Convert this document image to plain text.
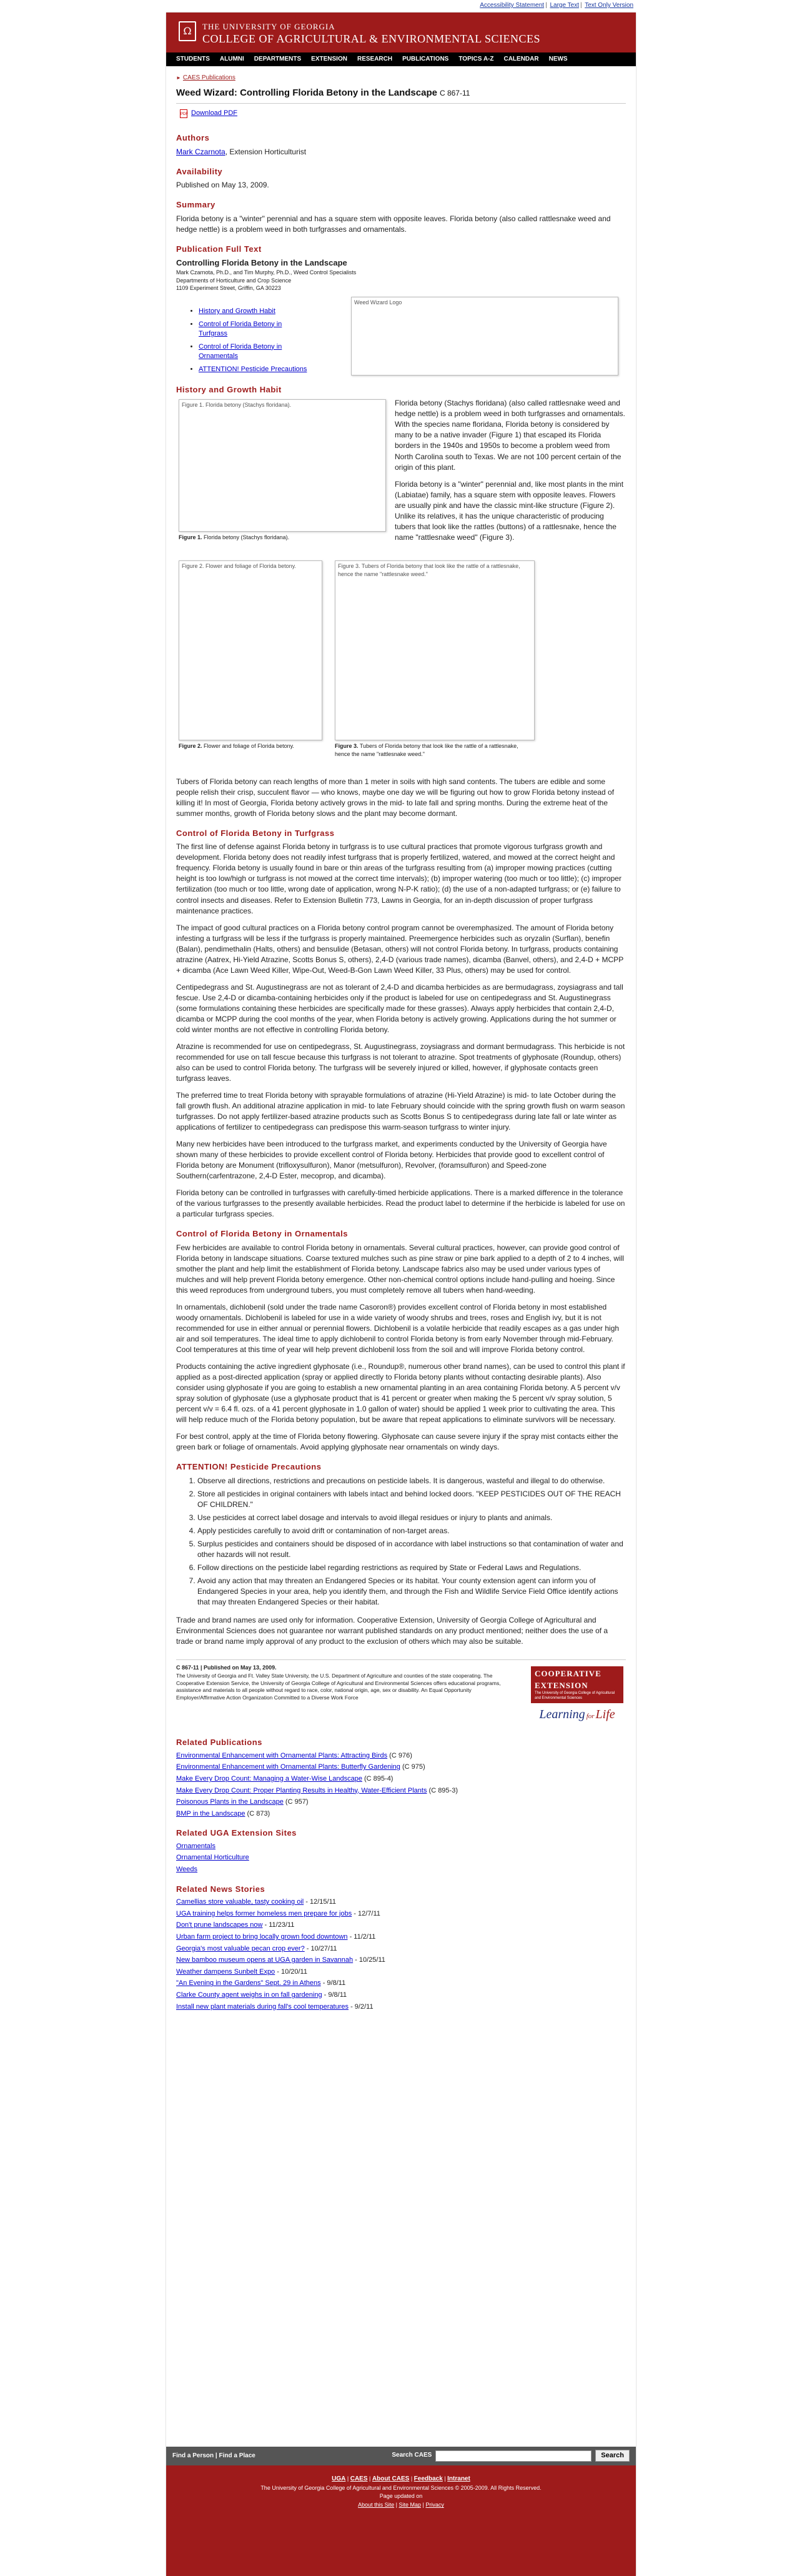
Accessibility Statement | Large Text | Text Only Version
Ω	THE UNIVERSITY OF GEORGIA
COLLEGE OF AGRICULTURAL & ENVIRONMENTAL SCIENCES
STUDENTS	ALUMNI	DEPARTMENTS	EXTENSION	RESEARCH	PUBLICATIONS	TOPICS A-Z	CALENDAR	NEWS
► CAES Publications
Weed Wizard: Controlling Florida Betony in the Landscape C 867-11
PDF Download PDF
Authors

Mark Czarnota, Extension Horticulturist

Availability

Published on May 13, 2009.

Summary

Florida betony is a "winter" perennial and has a square stem with opposite leaves. Florida betony (also called rattlesnake weed and hedge nettle) is a problem weed in both turfgrasses and ornamentals.

Publication Full Text
Controlling Florida Betony in the Landscape
Mark Czarnota, Ph.D., and Tim Murphy, Ph.D., Weed Control Specialists
Departments of Horticulture and Crop Science
1109 Experiment Street, Griffin, GA 30223
• History and Growth Habit
• Control of Florida Betony in Turfgrass
• Control of Florida Betony in Ornamentals
• ATTENTION! Pesticide Precautions
Weed Wizard Logo
History and Growth Habit
Figure 1. Florida betony (Stachys floridana).
Figure 1. Florida betony (Stachys floridana).

Florida betony (Stachys floridana) (also called rattlesnake weed and hedge nettle) is a problem weed in both turfgrasses and ornamentals. With the species name floridana, Florida betony is considered by many to be a native invader (Figure 1) that escaped its Florida borders in the 1940s and 1950s to become a problem weed from North Carolina south to Texas. We are not 100 percent certain of the origin of this plant.

Florida betony is a "winter" perennial and, like most plants in the mint (Labiatae) family, has a square stem with opposite leaves. Flowers are usually pink and have the classic mint-like structure (Figure 2). Unlike its relatives, it has the unique characteristic of producing tubers that look like the rattles (buttons) of a rattlesnake, hence the name "rattlesnake weed" (Figure 3).

Figure 2. Flower and foliage of Florida betony.
Figure 2. Flower and foliage of Florida betony.
Figure 3. Tubers of Florida betony that look like the rattle of a rattlesnake, hence the name "rattlesnake weed."
Figure 3. Tubers of Florida betony that look like the rattle of a rattlesnake, hence the name "rattlesnake weed."

Tubers of Florida betony can reach lengths of more than 1 meter in soils with high sand contents. The tubers are edible and some people relish their crisp, succulent flavor — who knows, maybe one day we will be figuring out how to grow Florida betony instead of killing it! In most of Georgia, Florida betony actively grows in the mid- to late fall and spring months. During the extreme heat of the summer months, growth of Florida betony slows and the plant may become dormant.

Control of Florida Betony in Turfgrass

The first line of defense against Florida betony in turfgrass is to use cultural practices that promote vigorous turfgrass growth and development. Florida betony does not readily infest turfgrass that is properly fertilized, watered, and mowed at the correct height and frequency. Florida betony is usually found in bare or thin areas of the turfgrass resulting from (a) improper mowing practices (cutting height is too low/high or turfgrass is not mowed at the correct time intervals); (b) improper watering (too much or too little); (c) improper fertilization (too much or too little, wrong date of application, wrong N-P-K ratio); (d) the use of a non-adapted turfgrass; or (e) failure to control insects and diseases. Refer to Extension Bulletin 773, Lawns in Georgia, for an in-depth discussion of proper turfgrass maintenance practices.

The impact of good cultural practices on a Florida betony control program cannot be overemphasized. The amount of Florida betony infesting a turfgrass will be less if the turfgrass is properly maintained. Preemergence herbicides such as oryzalin (Surflan), benefin (Balan), pendimethalin (Halts, others) and bensulide (Betasan, others) will not control Florida betony. In turfgrass, products containing atrazine (Aatrex, Hi-Yield Atrazine, Scotts Bonus S, others), 2,4-D (various trade names), dicamba (Banvel, others), and 2,4-D + MCPP + dicamba (Ace Lawn Weed Killer, Wipe-Out, Weed-B-Gon Lawn Weed Killer, 33 Plus, others) may be used for control.

Centipedegrass and St. Augustinegrass are not as tolerant of 2,4-D and dicamba herbicides as are bermudagrass, zoysiagrass and tall fescue. Use 2,4-D or dicamba-containing herbicides only if the product is labeled for use on centipedegrass and St. Augustinegrass (some formulations containing these herbicides are specifically made for these grasses). Always apply herbicides that contain 2,4-D, dicamba or MCPP during the cool months of the year, when Florida betony is actively growing. Applications during the hot summer or cold winter months are not effective in controlling Florida betony.

Atrazine is recommended for use on centipedegrass, St. Augustinegrass, zoysiagrass and dormant bermudagrass. This herbicide is not recommended for use on tall fescue because this turfgrass is not tolerant to atrazine. Spot treatments of glyphosate (Roundup, others) also can be used to control Florida betony. The turfgrass will be severely injured or killed, however, if glyphosate contacts green turfgrass leaves.

The preferred time to treat Florida betony with sprayable formulations of atrazine (Hi-Yield Atrazine) is mid- to late October during the fall growth flush. An additional atrazine application in mid- to late February should coincide with the spring growth flush on warm season turfgrasses. Do not apply fertilizer-based atrazine products such as Scotts Bonus S to centipedegrass during late fall or late winter as applications of fertilizer to centipedegrass can predispose this warm-season turfgrass to winter injury.

Many new herbicides have been introduced to the turfgrass market, and experiments conducted by the University of Georgia have shown many of these herbicides to provide excellent control of Florida betony. Herbicides that provide good to excellent control of Florida betony are Monument (trifloxysulfuron), Manor (metsulfuron), Revolver, (foramsulfuron) and Speed-zone Southern(carfentrazone, 2,4-D Ester, mecoprop, and dicamba).

Florida betony can be controlled in turfgrasses with carefully-timed herbicide applications. There is a marked difference in the tolerance of the various turfgrasses to the presently available herbicides. Read the product label to determine if the herbicide is labeled for use on a particular turfgrass species.

Control of Florida Betony in Ornamentals

Few herbicides are available to control Florida betony in ornamentals. Several cultural practices, however, can provide good control of Florida betony in landscape situations. Coarse textured mulches such as pine straw or pine bark applied to a depth of 2 to 4 inches, will smother the plant and help limit the establishment of Florida betony. Landscape fabrics also may be used under various types of mulches and will help prevent Florida betony emergence. Other non-chemical control options include hand-pulling and hoeing. Since this weed reproduces from underground tubers, you must completely remove all tubers when hand-weeding.

In ornamentals, dichlobenil (sold under the trade name Casoron®) provides excellent control of Florida betony in most established woody ornamentals. Dichlobenil is labeled for use in a wide variety of woody shrubs and trees, roses and English ivy, but it is not recommended for use in either annual or perennial flowers. Dichlobenil is a volatile herbicide that readily escapes as a gas under high air and soil temperatures. The ideal time to apply dichlobenil to control Florida betony is from early November through mid-February. Cool temperatures at this time of year will help prevent dichlobenil loss from the soil and will improve Florida betony control.

Products containing the active ingredient glyphosate (i.e., Roundup®, numerous other brand names), can be used to control this plant if applied as a post-directed application (spray or applied directly to Florida betony plants without contacting desirable plants). Also consider using glyphosate if you are going to establish a new ornamental planting in an area containing Florida betony. A 5 percent v/v spray solution of glyphosate (use a glyphosate product that is 41 percent or greater when making the 5 percent v/v spray solution, 5 percent v/v = 6.4 fl. ozs. of a 41 percent glyphosate in 1.0 gallon of water) should be applied 1 week prior to cultivating the area. This will help reduce much of the Florida betony population, but be aware that repeat applications to eliminate survivors will be necessary.

For best control, apply at the time of Florida betony flowering. Glyphosate can cause severe injury if the spray mist contacts either the green bark or foliage of ornamentals. Avoid applying glyphosate near ornamentals on windy days.

ATTENTION! Pesticide Precautions
1. Observe all directions, restrictions and precautions on pesticide labels. It is dangerous, wasteful and illegal to do otherwise.
2. Store all pesticides in original containers with labels intact and behind locked doors. "KEEP PESTICIDES OUT OF THE REACH OF CHILDREN."
3. Use pesticides at correct label dosage and intervals to avoid illegal residues or injury to plants and animals.
4. Apply pesticides carefully to avoid drift or contamination of non-target areas.
5. Surplus pesticides and containers should be disposed of in accordance with label instructions so that contamination of water and other hazards will not result.
6. Follow directions on the pesticide label regarding restrictions as required by State or Federal Laws and Regulations.
7. Avoid any action that may threaten an Endangered Species or its habitat. Your county extension agent can inform you of Endangered Species in your area, help you identify them, and through the Fish and Wildlife Service Field Office identify actions that may threaten Endangered Species or their habitat.

Trade and brand names are used only for information. Cooperative Extension, University of Georgia College of Agricultural and Environmental Sciences does not guarantee nor warrant published standards on any product mentioned; neither does the use of a trade or brand name imply approval of any product to the exclusion of others which may also be suitable.

C 867-11 | Published on May 13, 2009.
The University of Georgia and Ft. Valley State University, the U.S. Department of Agriculture and counties of the state cooperating. The Cooperative Extension Service, the University of Georgia College of Agricultural and Environmental Sciences offers educational programs, assistance and materials to all people without regard to race, color, national origin, age, sex or disability. An Equal Opportunity Employer/Affirmative Action Organization Committed to a Diverse Work Force
COOPERATIVE
EXTENSION
The University of Georgia College of Agricultural and Environmental Sciences
Learning for Life
Related Publications
Environmental Enhancement with Ornamental Plants: Attracting Birds (C 976)
Environmental Enhancement with Ornamental Plants: Butterfly Gardening (C 975)
Make Every Drop Count: Managing a Water-Wise Landscape (C 895-4)
Make Every Drop Count: Proper Planting Results in Healthy, Water-Efficient Plants (C 895-3)
Poisonous Plants in the Landscape (C 957)
BMP in the Landscape (C 873)
Related UGA Extension Sites
Ornamentals
Ornamental Horticulture
Weeds
Related News Stories
Camellias store valuable, tasty cooking oil - 12/15/11
UGA training helps former homeless men prepare for jobs - 12/7/11
Don't prune landscapes now - 11/23/11
Urban farm project to bring locally grown food downtown - 11/2/11
Georgia's most valuable pecan crop ever? - 10/27/11
New bamboo museum opens at UGA garden in Savannah - 10/25/11
Weather dampens Sunbelt Expo - 10/20/11
"An Evening in the Gardens" Sept. 29 in Athens - 9/8/11
Clarke County agent weighs in on fall gardening - 9/8/11
Install new plant materials during fall's cool temperatures - 9/2/11
Find a Person | Find a Place	Search CAES	Search
UGA | CAES | About CAES | Feedback | Intranet
The University of Georgia College of Agricultural and Environmental Sciences © 2005-2009. All Rights Reserved.
Page updated on
About this Site | Site Map | Privacy
